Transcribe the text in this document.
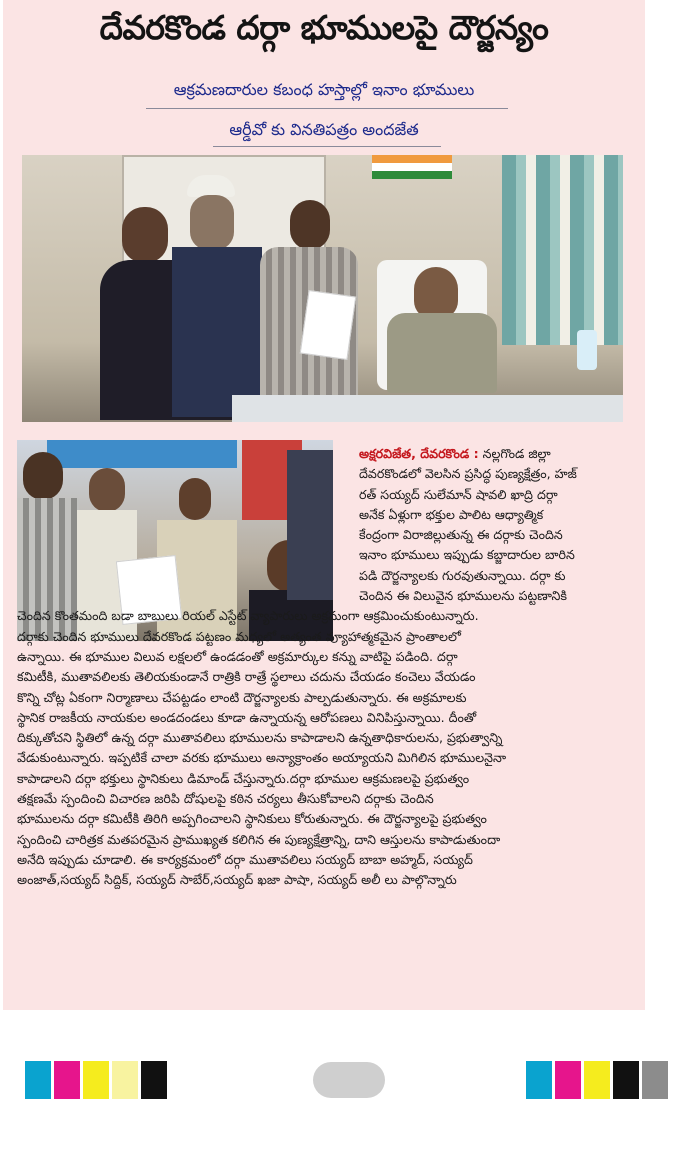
దేవరకొండ దర్గా భూములపై దౌర్జన్యం
ఆక్రమణదారుల కబంధ హస్తాల్లో ఇనాం భూములు
ఆర్డీవో కు వినతిపత్రం అందజేత
అక్షరవిజేత, దేవరకొండ : నల్లగొండ జిల్లా
దేవరకొండలో వెలసిన ప్రసిద్ధ పుణ్యక్షేత్రం, హజ్
రత్ సయ్యద్ సులేమాన్ షావలి ఖాద్రి దర్గా
అనేక ఏళ్లుగా భక్తుల పాలిట ఆధ్యాత్మిక
కేంద్రంగా విరాజిల్లుతున్న ఈ దర్గాకు చెందిన
ఇనాం భూములు ఇప్పుడు కబ్జాదారుల బారిన
పడి దౌర్జన్యాలకు గురవుతున్నాయి. దర్గా కు
చెందిన ఈ విలువైన భూములను పట్టణానికి
చెందిన కొంతమంది బడా బాబులు రియల్ ఎస్టేట్ వ్యాపారులు అక్రమంగా ఆక్రమించుకుంటున్నారు.
దర్గాకు చెందిన భూములు దేవరకొండ పట్టణం మధ్యలో అత్యంత వ్యూహాత్మకమైన ప్రాంతాలలో
ఉన్నాయి. ఈ భూముల విలువ లక్షలలో ఉండడంతో అక్రమార్కుల కన్ను వాటిపై పడింది. దర్గా
కమిటీకి, ముతావలిలకు తెలియకుండానే రాత్రికి రాత్రే స్థలాలు చదును చేయడం కంచెలు వేయడం
కొన్ని చోట్ల ఏకంగా నిర్మాణాలు చేపట్టడం లాంటి దౌర్జన్యాలకు పాల్పడుతున్నారు. ఈ అక్రమాలకు
స్థానిక రాజకీయ నాయకుల అండదండలు కూడా ఉన్నాయన్న ఆరోపణలు వినిపిస్తున్నాయి. దీంతో
దిక్కుతోచని స్థితిలో ఉన్న దర్గా ముతావలిలు భూములను కాపాడాలని ఉన్నతాధికారులను, ప్రభుత్వాన్ని
వేడుకుంటున్నారు. ఇప్పటికే చాలా వరకు భూములు అన్యాక్రాంతం అయ్యాయని మిగిలిన భూములనైనా
కాపాడాలని దర్గా భక్తులు స్థానికులు డిమాండ్ చేస్తున్నారు.దర్గా భూముల ఆక్రమణలపై ప్రభుత్వం
తక్షణమే స్పందించి విచారణ జరిపి దోషులపై కఠిన చర్యలు తీసుకోవాలని దర్గాకు చెందిన
భూములను దర్గా కమిటీకి తిరిగి అప్పగించాలని స్థానికులు కోరుతున్నారు. ఈ దౌర్జన్యాలపై ప్రభుత్వం
స్పందించి చారిత్రక మతపరమైన ప్రాముఖ్యత కలిగిన ఈ పుణ్యక్షేత్రాన్ని, దాని ఆస్తులను కాపాడుతుందా
అనేది ఇప్పుడు చూడాలి. ఈ కార్యక్రమంలో దర్గా ముతావలిలు సయ్యద్ బాబా అహ్మద్, సయ్యద్
అంజాత్,సయ్యద్ సిద్దిక్, సయ్యద్ సాబేర్,సయ్యద్ ఖజా పాషా, సయ్యద్ అలీ లు పాల్గొన్నారు
